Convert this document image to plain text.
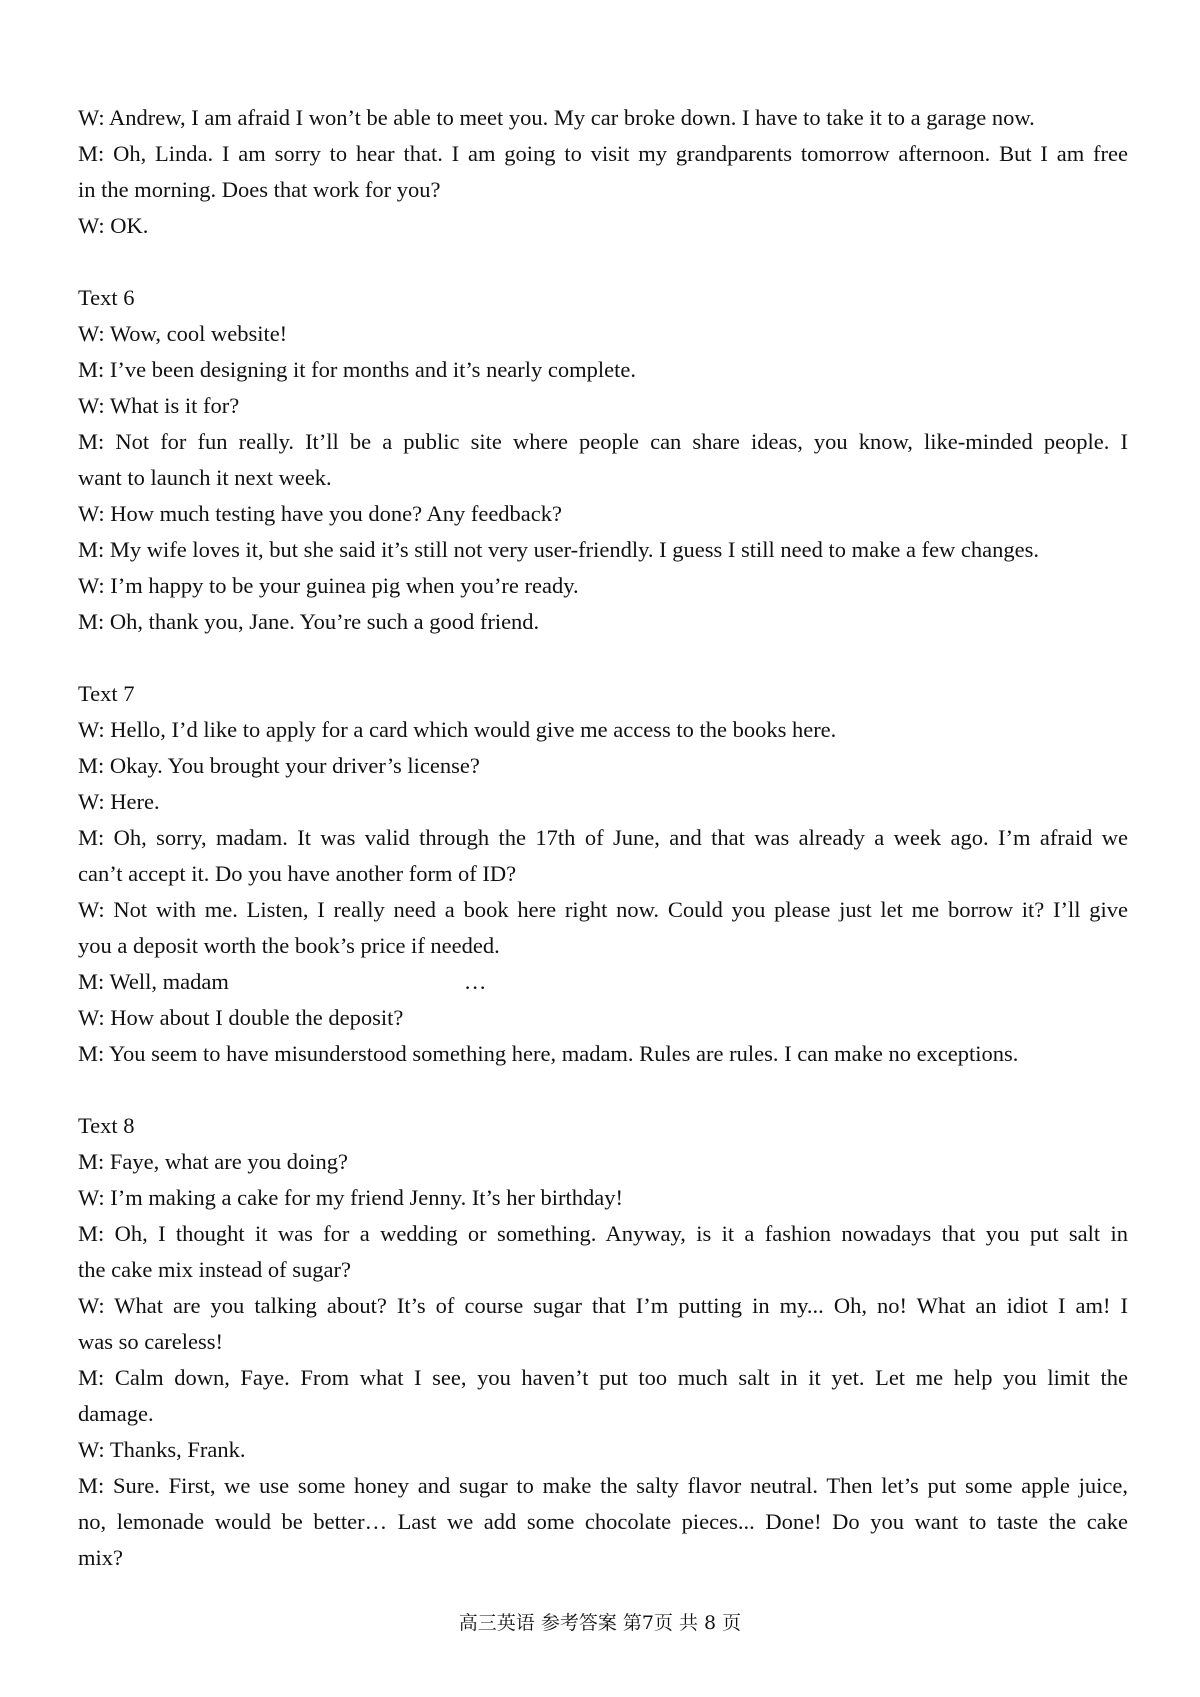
W: Andrew, I am afraid I won’t be able to meet you. My car broke down. I have to take it to a garage now.

M: Oh, Linda. I am sorry to hear that. I am going to visit my grandparents tomorrow afternoon. But I am free

in the morning. Does that work for you?

W: OK.

Text 6

W: Wow, cool website!

M: I’ve been designing it for months and it’s nearly complete.

W: What is it for?

M: Not for fun really. It’ll be a public site where people can share ideas, you know, like-minded people. I

want to launch it next week.

W: How much testing have you done? Any feedback?

M: My wife loves it, but she said it’s still not very user-friendly. I guess I still need to make a few changes.

W: I’m happy to be your guinea pig when you’re ready.

M: Oh, thank you, Jane. You’re such a good friend.

Text 7

W: Hello, I’d like to apply for a card which would give me access to the books here.

M: Okay. You brought your driver’s license?

W: Here.

M: Oh, sorry, madam. It was valid through the 17th of June, and that was already a week ago. I’m afraid we

can’t accept it. Do you have another form of ID?

W: Not with me. Listen, I really need a book here right now. Could you please just let me borrow it? I’ll give

you a deposit worth the book’s price if needed.

M: Well, madam	…

W: How about I double the deposit?

M: You seem to have misunderstood something here, madam. Rules are rules. I can make no exceptions.

Text 8

M: Faye, what are you doing?

W: I’m making a cake for my friend Jenny. It’s her birthday!

M: Oh, I thought it was for a wedding or something. Anyway, is it a fashion nowadays that you put salt in

the cake mix instead of sugar?

W: What are you talking about? It’s of course sugar that I’m putting in my... Oh, no! What an idiot I am! I

was so careless!

M: Calm down, Faye. From what I see, you haven’t put too much salt in it yet. Let me help you limit the

damage.

W: Thanks, Frank.

M: Sure. First, we use some honey and sugar to make the salty flavor neutral. Then let’s put some apple juice,

no, lemonade would be better… Last we add some chocolate pieces... Done! Do you want to taste the cake

mix?

高三英语 参考答案 第7页 共 8 页
